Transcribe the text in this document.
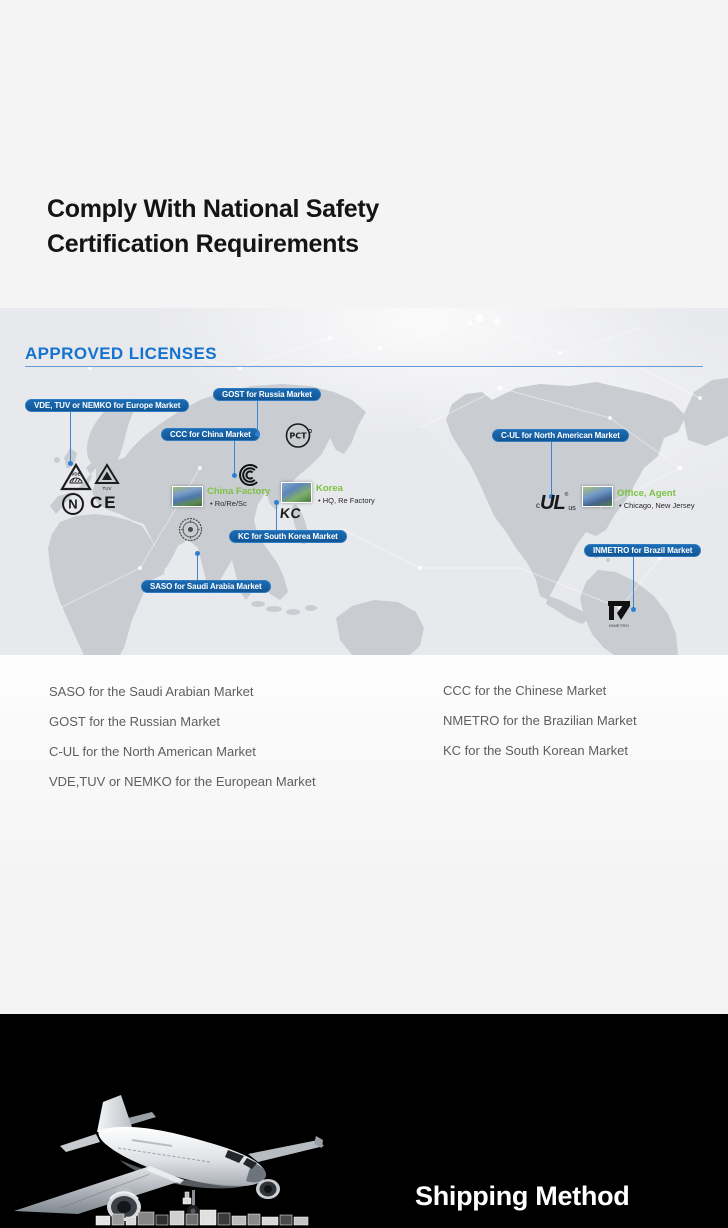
Comply With National Safety
Certification Requirements
APPROVED LICENSES
VDE, TUV or NEMKO for Europe Market
GOST for Russia Market
CCC for China Market	C-UL for North American Market
KC for South Korea Market
INMETRO for Brazil Market
SASO for Saudi Arabia Market
VDE
TUV
N CE
РСТ
KC	c UL ®
us
INMETRO
China Factory
• Ro/Re/Sc
Korea
• HQ, Re Factory
Office, Agent
• Chicago, New Jersey
SASO for the Saudi Arabian Market
GOST for the Russian Market
C-UL for the North American Market
VDE,TUV or NEMKO for the European Market
CCC for the Chinese Market
NMETRO for the Brazilian Market
KC for the South Korean Market
Shipping Method
